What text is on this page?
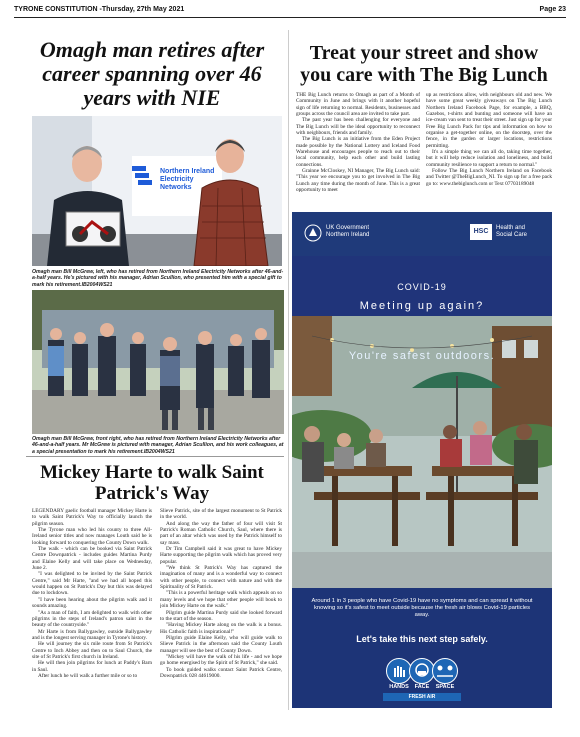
TYRONE CONSTITUTION -Thursday, 27th May 2021	Page 23
Omagh man retires after career spanning over 46 years with NIE
Northern Ireland Electricity Networks
Omagh man Bill McGrew, left, who has retired from Northern Ireland Electricity Networks after 46-and-a-half years. He's pictured with his manager, Adrian Scullion, who presented him with a special gift to mark his retirement.IB2004WS21
Omagh man Bill McGrew, front right, who has retired from Northern Ireland Electricity Networks after 46-and-a-half years. Mr McGrew is pictured with manager, Adrian Scullion, and his work colleagues, at a special presentation to mark his retirement.IB2004WS21
Mickey Harte to walk Saint Patrick's Way

LEGENDARY gaelic football manager Mickey Harte is to walk Saint Patrick's Way to officially launch the pilgrim season.

The Tyrone man who led his county to three All-Ireland senior titles and now manages Louth said he is looking forward to conquering the County Down walk.

The walk - which can be booked via Saint Patrick Centre Downpatrick - includes guides Martina Purdy and Elaine Kelly and will take place on Wednesday, June 2.

"I was delighted to be invited by the Saint Patrick Centre," said Mr Harte, "and we had all hoped this would happen on St Patrick's Day but this was delayed due to lockdown.

"I have been hearing about the pilgrim walk and it sounds amazing.

"As a man of faith, I am delighted to walk with other pilgrims in the steps of Ireland's patron saint in the beauty of the countryside."

Mr Harte is from Ballygawley, outside Ballygawley and is the longest serving manager in Tyrone's history.

He will journey the six mile route from St Patrick's Centre to Inch Abbey and then on to Saul Church, the site of St Patrick's first church in Ireland.

He will then join pilgrims for lunch at Paddy's Barn in Saul.

After lunch he will walk a further mile or so to

Slieve Patrick, site of the largest monument to St Patrick in the world.

And along the way the father of four will visit St Patrick's Roman Catholic Church, Saul, where there is part of an altar which was used by the Patrick himself to say mass.

Dr Tim Campbell said it was great to have Mickey Harte supporting the pilgrim walk which has proved very popular.

"We think St Patrick's Way has captured the imagination of many and is a wonderful way to connect with other people, to connect with nature and with the Spirituality of St Patrick.

"This is a powerful heritage walk which appeals on so many levels and we hope that other people will book to join Mickey Harte on the walk."

Pilgrim guide Martina Purdy said she looked forward to the start of the season.

"Having Mickey Harte along on the walk is a bonus. His Catholic faith is inspirational!"

Pilgrim guide Elaine Kelly, who will guide walk to Slieve Patrick in the afternoon said the County Louth manager will see the best of County Down.

"Mickey will have the walk of his life - and we hope go home energised by the Spirit of St Patrick," she said.

To book guided walks contact Saint Patrick Centre, Downpatrick 028 44619000.

Treat your street and show you care with The Big Lunch

THE Big Lunch returns to Omagh as part of a Month of Community in June and brings with it another hopeful sign of life returning to normal. Residents, businesses and groups across the council area are invited to take part.

The past year has been challenging for everyone and The Big Lunch will be the ideal opportunity to reconnect with neighbours, friends and family.

The Big Lunch is an initiative from the Eden Project made possible by the National Lottery and Iceland Food Warehouse and encourages people to reach out to their local community, help each other and build lasting connections.

Grainne McCloskey, NI Manager, The Big Lunch said: "This year we encourage you to get involved in The Big Lunch any time during the month of June. This is a great opportunity to meet

up as restrictions allow, with neighbours old and new. We have some great weekly giveaways on The Big Lunch Northern Ireland Facebook Page, for example, a BBQ, Gazebos, t-shirts and bunting and someone will have an ice-cream van sent to treat their street. Just sign up for your Free Big Lunch Pack for tips and information on how to organise a get-together online, on the doorstep, over the fence, in the garden or larger locations, restrictions permitting.

It's a simple thing we can all do, taking time together, but it will help reduce isolation and loneliness, and build community resilience to support a return to normal."

Follow The Big Lunch Northern Ireland on Facebook and Twitter @TheBigLunch_NI. To sign up for a free pack go to: www.thebiglunch.com or Text 07703189048

UK Government
Northern Ireland	HSC	Health and
Social Care
COVID-19
Meeting up again?
You're safest outdoors.
Around 1 in 3 people who have Covid-19 have no symptoms and can spread it without knowing so it's safest to meet outside because the fresh air blows Covid-19 particles away.
Let's take this next step safely.
HANDS	FACE	SPACE
FRESH AIR
